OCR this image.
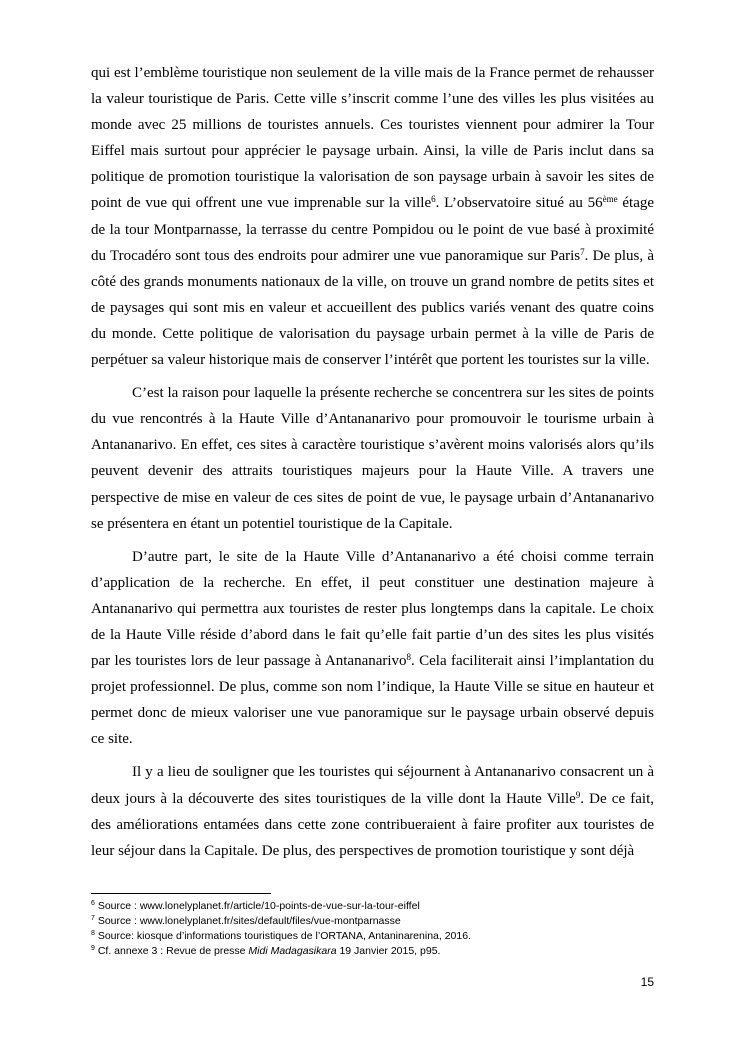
qui est l’emblème touristique non seulement de la ville mais de la France permet de rehausser la valeur touristique de Paris. Cette ville s’inscrit comme l’une des villes les plus visitées au monde avec 25 millions de touristes annuels. Ces touristes viennent pour admirer la Tour Eiffel mais surtout pour apprécier le paysage urbain. Ainsi, la ville de Paris inclut dans sa politique de promotion touristique la valorisation de son paysage urbain à savoir les sites de point de vue qui offrent une vue imprenable sur la ville$^6$. L’observatoire situé au 56ème étage de la tour Montparnasse, la terrasse du centre Pompidou ou le point de vue basé à proximité du Trocadéro sont tous des endroits pour admirer une vue panoramique sur Paris$^7$. De plus, à côté des grands monuments nationaux de la ville, on trouve un grand nombre de petits sites et de paysages qui sont mis en valeur et accueillent des publics variés venant des quatre coins du monde. Cette politique de valorisation du paysage urbain permet à la ville de Paris de perpétuer sa valeur historique mais de conserver l’intérêt que portent les touristes sur la ville.

C’est la raison pour laquelle la présente recherche se concentrera sur les sites de points du vue rencontrés à la Haute Ville d’Antananarivo pour promouvoir le tourisme urbain à Antananarivo. En effet, ces sites à caractère touristique s’avèrent moins valorisés alors qu’ils peuvent devenir des attraits touristiques majeurs pour la Haute Ville. A travers une perspective de mise en valeur de ces sites de point de vue, le paysage urbain d’Antananarivo se présentera en étant un potentiel touristique de la Capitale.

D’autre part, le site de la Haute Ville d’Antananarivo a été choisi comme terrain d’application de la recherche. En effet, il peut constituer une destination majeure à Antananarivo qui permettra aux touristes de rester plus longtemps dans la capitale. Le choix de la Haute Ville réside d’abord dans le fait qu’elle fait partie d’un des sites les plus visités par les touristes lors de leur passage à Antananarivo$^8$. Cela faciliterait ainsi l’implantation du projet professionnel. De plus, comme son nom l’indique, la Haute Ville se situe en hauteur et permet donc de mieux valoriser une vue panoramique sur le paysage urbain observé depuis ce site.

Il y a lieu de souligner que les touristes qui séjournent à Antananarivo consacrent un à deux jours à la découverte des sites touristiques de la ville dont la Haute Ville$^9$. De ce fait, des améliorations entamées dans cette zone contribueraient à faire profiter aux touristes de leur séjour dans la Capitale. De plus, des perspectives de promotion touristique y sont déjà

$^6$ Source : www.lonelyplanet.fr/article/10-points-de-vue-sur-la-tour-eiffel
$^7$ Source : www.lonelyplanet.fr/sites/default/files/vue-montparnasse
$^8$ Source: kiosque d’informations touristiques de l’ORTANA, Antaninarenina, 2016.
$^9$ Cf. annexe 3 : Revue de presse Midi Madagasikara 19 Janvier 2015, p95.
15
